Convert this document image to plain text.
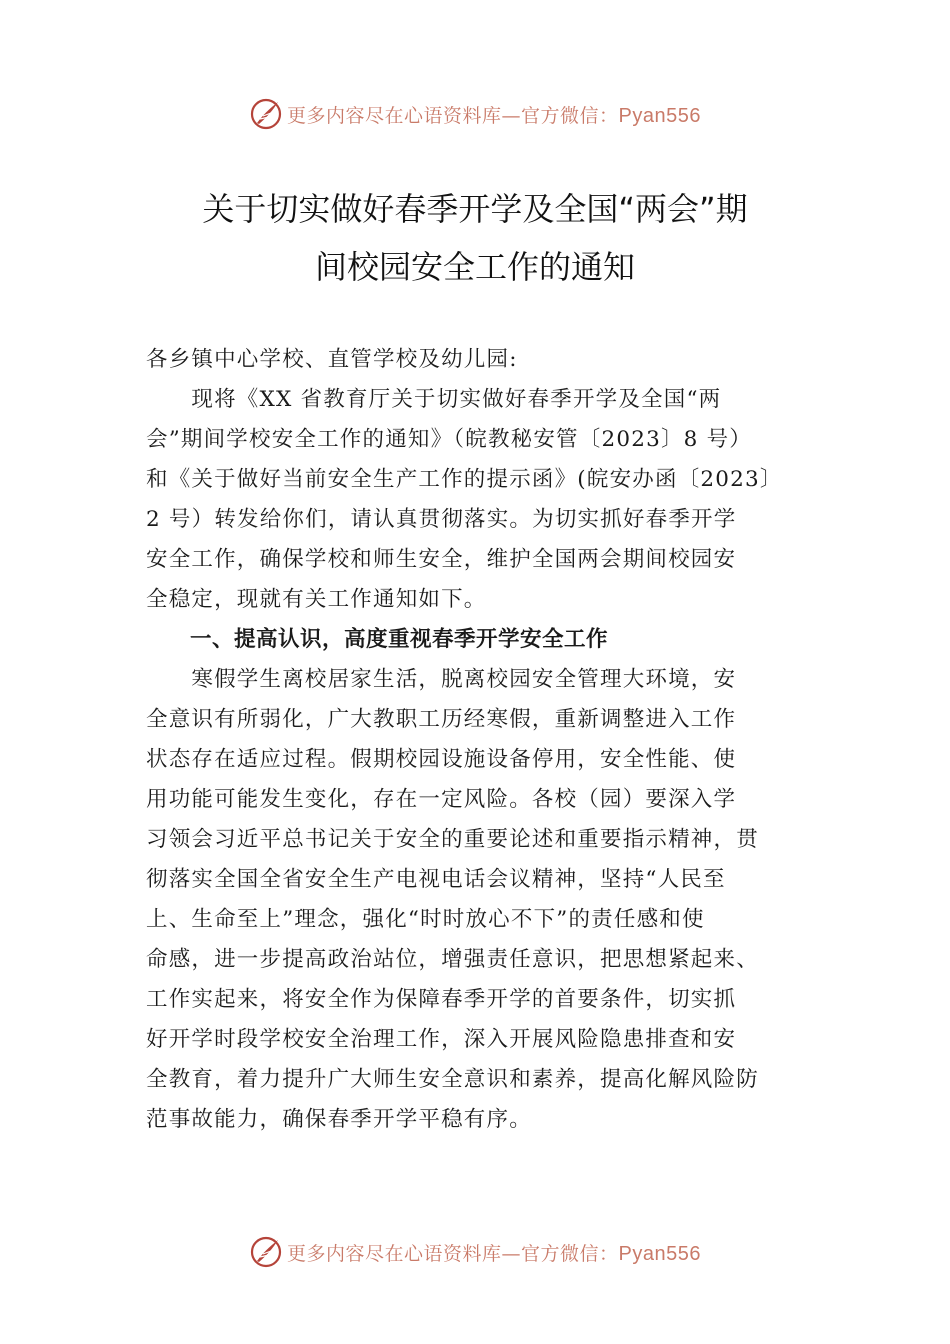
更多内容尽在心语资料库—官方微信：Pyan556
关于切实做好春季开学及全国“两会”期
间校园安全工作的通知
各乡镇中心学校、直管学校及幼儿园:
　　现将《XX 省教育厅关于切实做好春季开学及全国“两
会”期间学校安全工作的通知》（皖教秘安管〔2023〕8 号）
和《关于做好当前安全生产工作的提示函》(皖安办函〔2023〕
2 号）转发给你们，请认真贯彻落实。为切实抓好春季开学
安全工作，确保学校和师生安全，维护全国两会期间校园安
全稳定，现就有关工作通知如下。
　　一、提高认识，高度重视春季开学安全工作
　　寒假学生离校居家生活，脱离校园安全管理大环境，安
全意识有所弱化，广大教职工历经寒假，重新调整进入工作
状态存在适应过程。假期校园设施设备停用，安全性能、使
用功能可能发生变化，存在一定风险。各校（园）要深入学
习领会习近平总书记关于安全的重要论述和重要指示精神，贯
彻落实全国全省安全生产电视电话会议精神，坚持“人民至
上、生命至上”理念，强化“时时放心不下”的责任感和使
命感，进一步提高政治站位，增强责任意识，把思想紧起来、
工作实起来，将安全作为保障春季开学的首要条件，切实抓
好开学时段学校安全治理工作，深入开展风险隐患排查和安
全教育，着力提升广大师生安全意识和素养，提高化解风险防
范事故能力，确保春季开学平稳有序。
更多内容尽在心语资料库—官方微信：Pyan556
